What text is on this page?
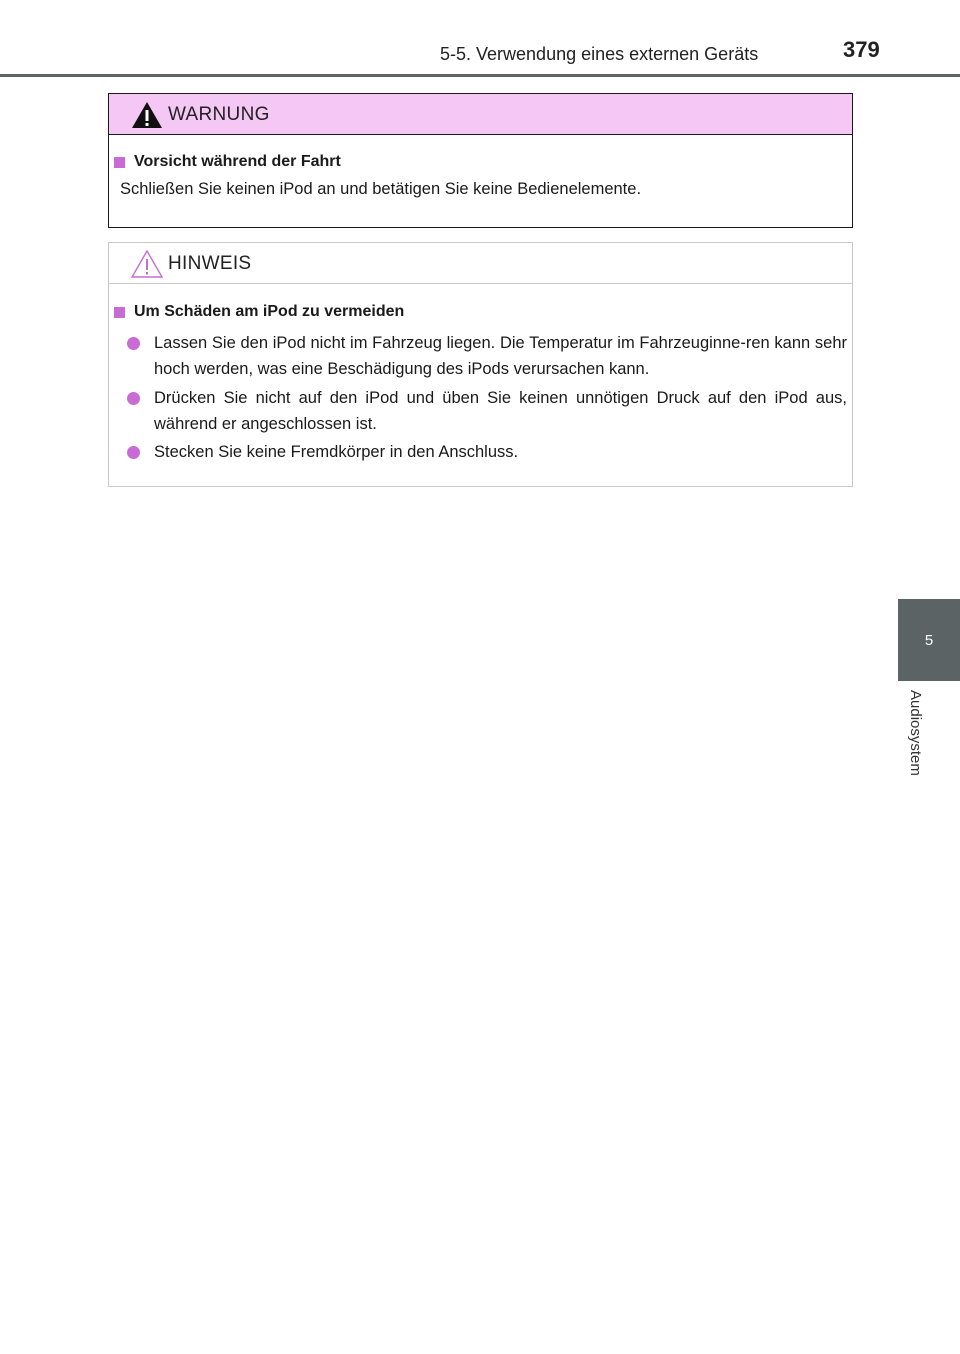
5-5. Verwendung eines externen Geräts	379
5
Audiosystem
WARNUNG
Vorsicht während der Fahrt
Schließen Sie keinen iPod an und betätigen Sie keine Bedienelemente.
HINWEIS
Um Schäden am iPod zu vermeiden
Lassen Sie den iPod nicht im Fahrzeug liegen. Die Temperatur im Fahrzeuginne-ren kann sehr hoch werden, was eine Beschädigung des iPods verursachen kann.
Drücken Sie nicht auf den iPod und üben Sie keinen unnötigen Druck auf den iPod aus, während er angeschlossen ist.
Stecken Sie keine Fremdkörper in den Anschluss.
